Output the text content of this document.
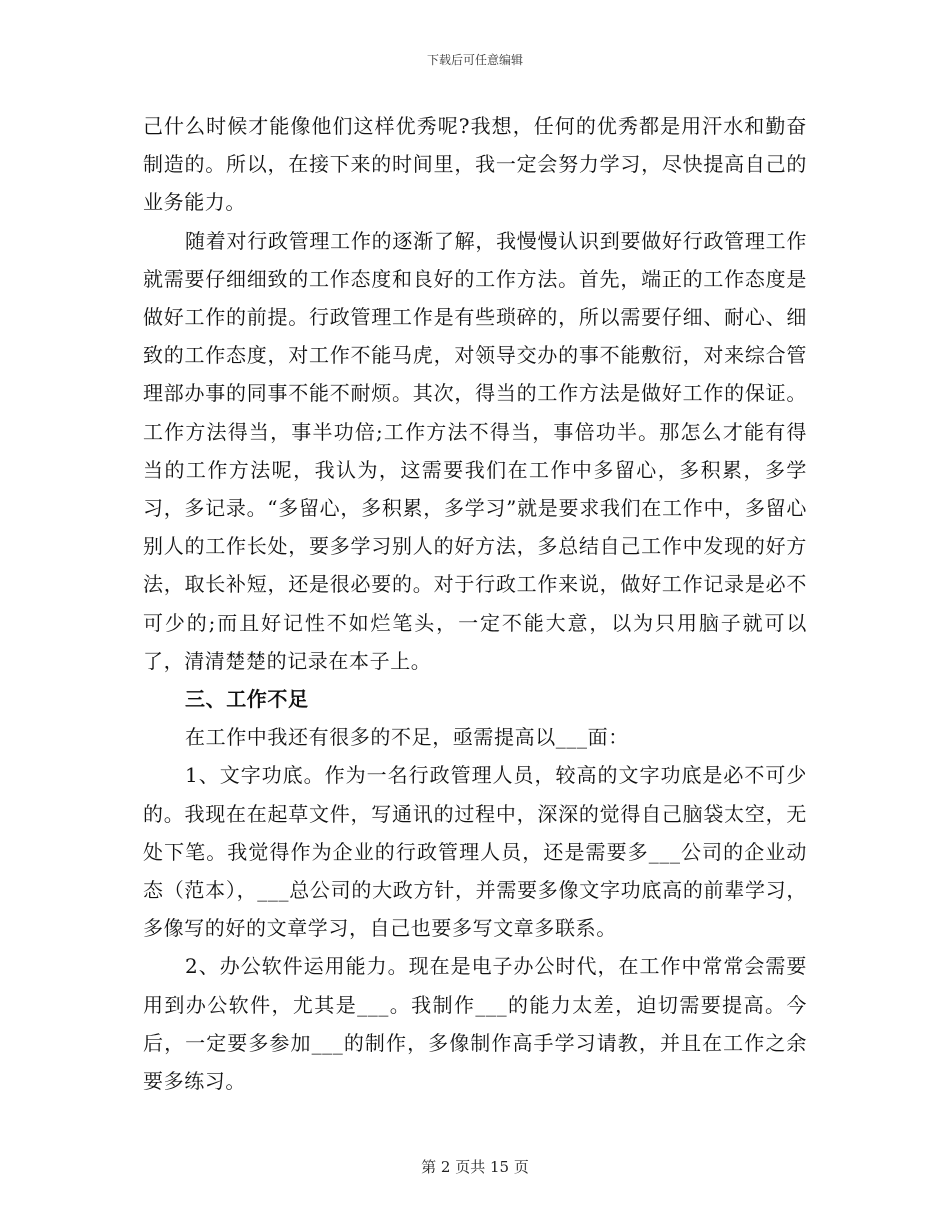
下载后可任意编辑

己什么时候才能像他们这样优秀呢?我想，任何的优秀都是用汗水和勤奋制造的。所以，在接下来的时间里，我一定会努力学习，尽快提高自己的业务能力。

随着对行政管理工作的逐渐了解，我慢慢认识到要做好行政管理工作就需要仔细细致的工作态度和良好的工作方法。首先，端正的工作态度是做好工作的前提。行政管理工作是有些琐碎的，所以需要仔细、耐心、细致的工作态度，对工作不能马虎，对领导交办的事不能敷衍，对来综合管理部办事的同事不能不耐烦。其次，得当的工作方法是做好工作的保证。工作方法得当，事半功倍;工作方法不得当，事倍功半。那怎么才能有得当的工作方法呢，我认为，这需要我们在工作中多留心，多积累，多学习，多记录。“多留心，多积累，多学习”就是要求我们在工作中，多留心别人的工作长处，要多学习别人的好方法，多总结自己工作中发现的好方法，取长补短，还是很必要的。对于行政工作来说，做好工作记录是必不可少的;而且好记性不如烂笔头，一定不能大意，以为只用脑子就可以了，清清楚楚的记录在本子上。

三、工作不足

在工作中我还有很多的不足，亟需提高以___面：

1、文字功底。作为一名行政管理人员，较高的文字功底是必不可少的。我现在在起草文件，写通讯的过程中，深深的觉得自己脑袋太空，无处下笔。我觉得作为企业的行政管理人员，还是需要多___公司的企业动态（范本），___总公司的大政方针，并需要多像文字功底高的前辈学习，多像写的好的文章学习，自己也要多写文章多联系。

2、办公软件运用能力。现在是电子办公时代，在工作中常常会需要用到办公软件，尤其是___。我制作___的能力太差，迫切需要提高。今后，一定要多参加___的制作，多像制作高手学习请教，并且在工作之余要多练习。

第 2 页共 15 页
